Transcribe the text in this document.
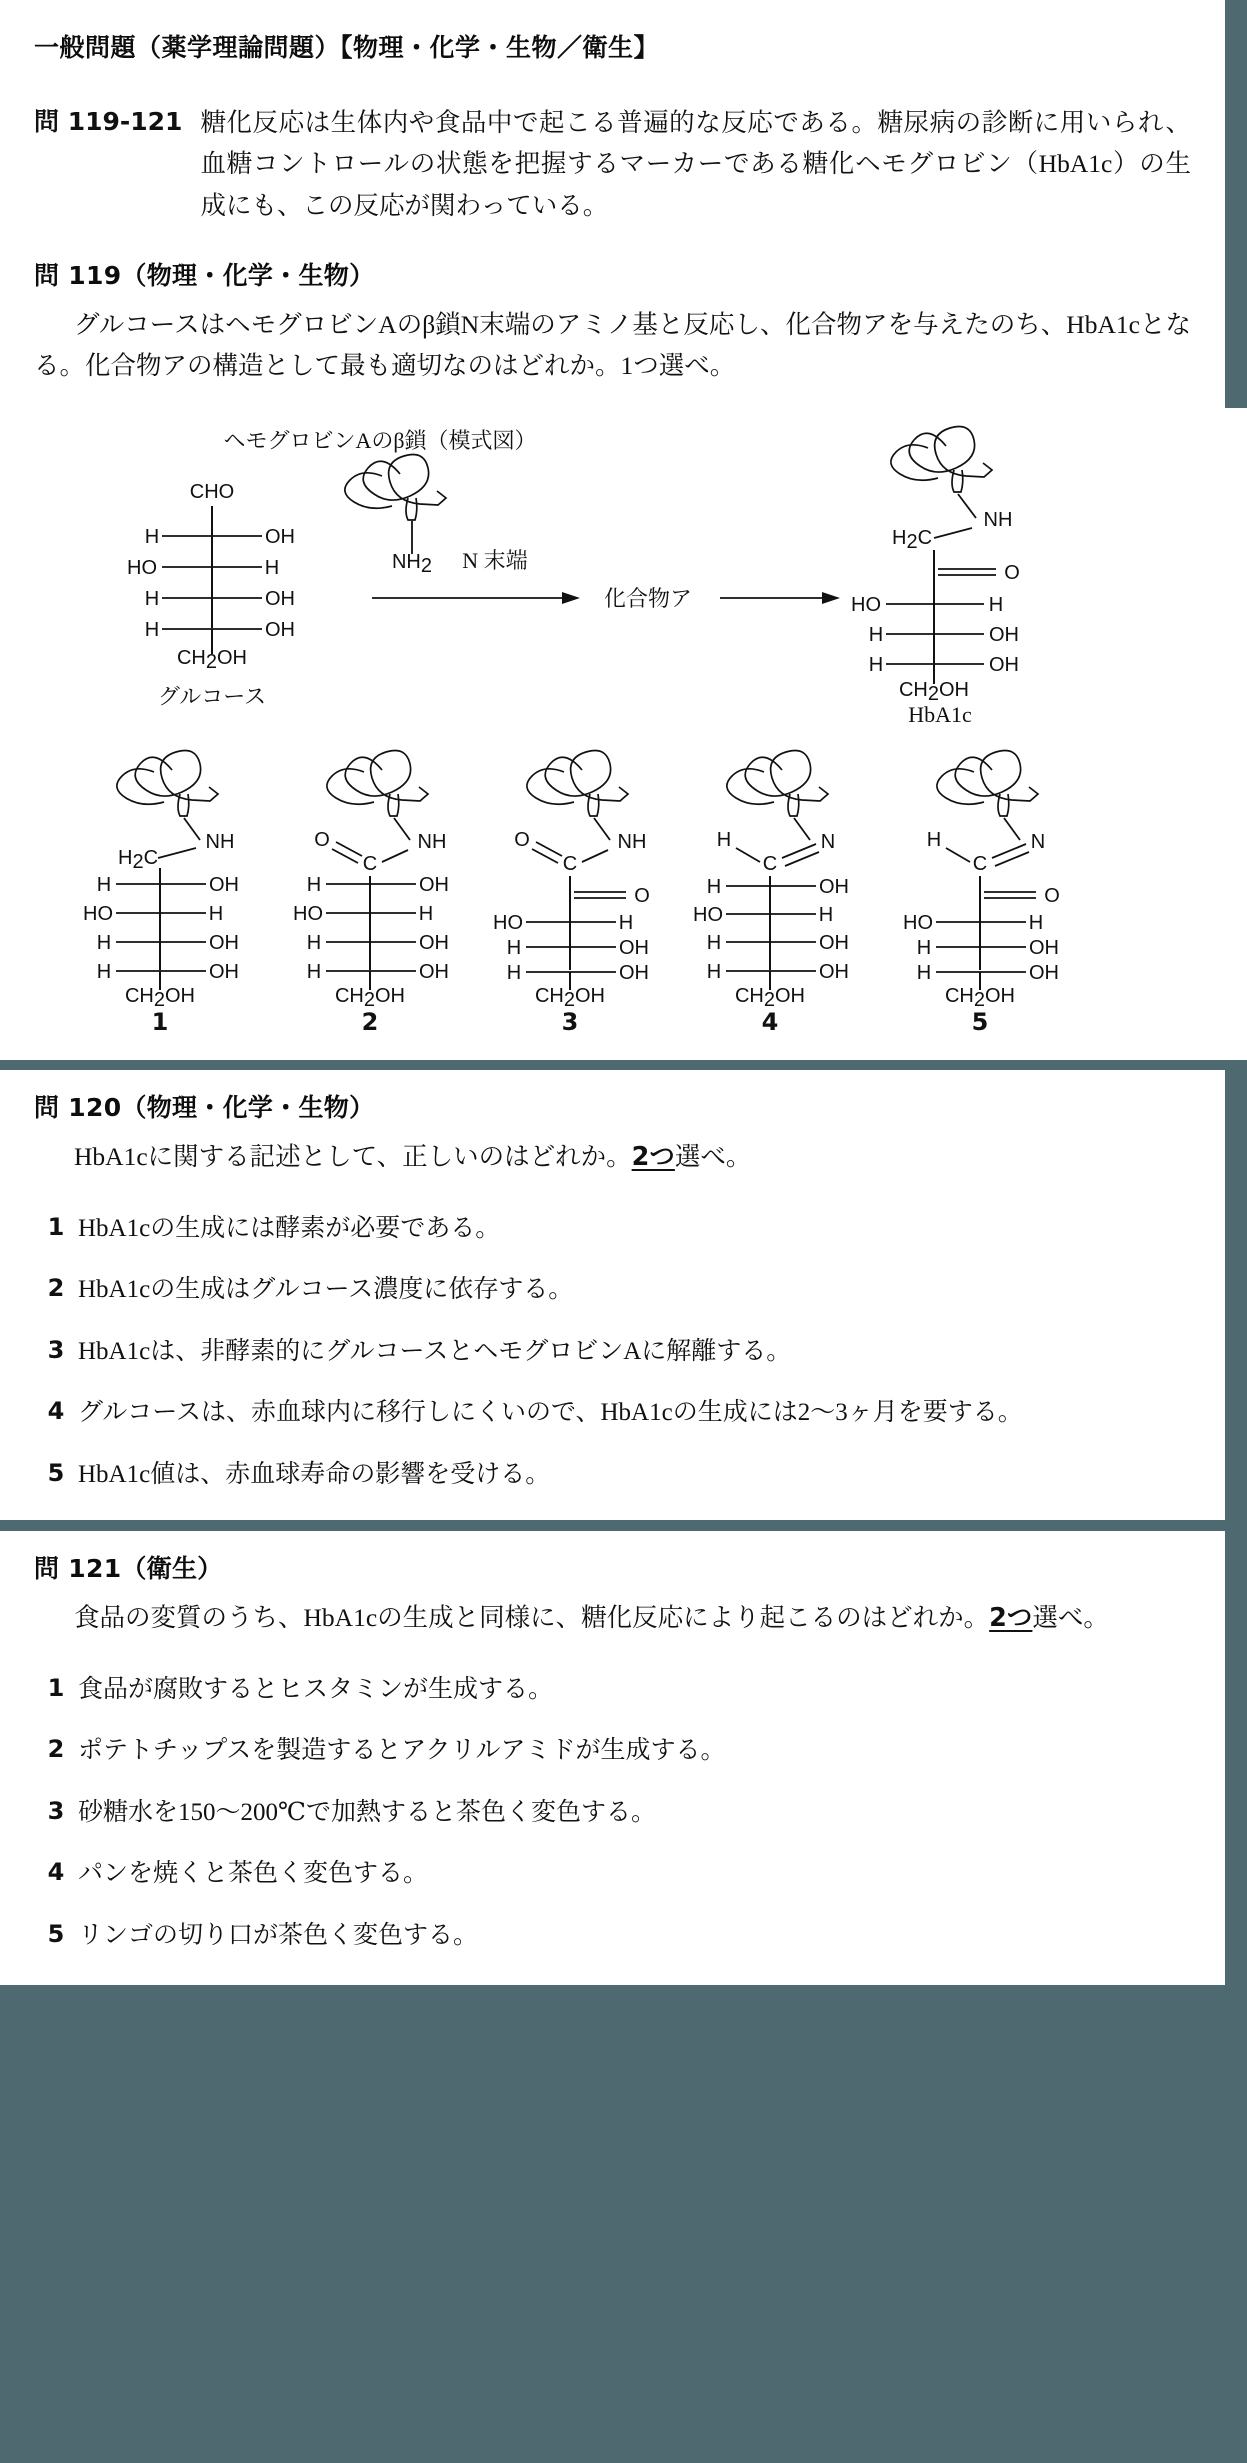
一般問題（薬学理論問題）【物理・化学・生物／衛生】
問 119-121 糖化反応は生体内や食品中で起こる普遍的な反応である。糖尿病の診断に用いられ、血糖コントロールの状態を把握するマーカーである糖化ヘモグロビン（HbA1c）の生成にも、この反応が関わっている。
問 119（物理・化学・生物）
グルコースはヘモグロビンAのβ鎖N末端のアミノ基と反応し、化合物アを与えたのち、HbA1cとなる。化合物アの構造として最も適切なのはどれか。1つ選べ。
ヘモグロビンAのβ鎖（模式図）
CHO
H	OH
HO	H
H	OH
H	OH
CH2OH
グルコース
NH2 N 末端
化合物ア
NH
H2C
O
HO	H
H	OH
H	OH
CH2OH
HbA1c
NH
H2C
H	OH
HO	H
H	OH
H	OH
CH2OH
1
NH
O
C
H	OH
HO	H
H	OH
H	OH
CH2OH
2
NH
O
C
O
HO	H
H	OH
H	OH
CH2OH
3
N
H
C
H	OH
HO	H
H	OH
H	OH
CH2OH
4
N
H
C
O
HO	H
H	OH
H	OH
CH2OH
5
問 120（物理・化学・生物）
HbA1cに関する記述として、正しいのはどれか。2つ選べ。
1 HbA1cの生成には酵素が必要である。
2 HbA1cの生成はグルコース濃度に依存する。
3 HbA1cは、非酵素的にグルコースとヘモグロビンAに解離する。
4 グルコースは、赤血球内に移行しにくいので、HbA1cの生成には2〜3ヶ月を要する。
5 HbA1c値は、赤血球寿命の影響を受ける。
問 121（衛生）
食品の変質のうち、HbA1cの生成と同様に、糖化反応により起こるのはどれか。2つ選べ。
1 食品が腐敗するとヒスタミンが生成する。
2 ポテトチップスを製造するとアクリルアミドが生成する。
3 砂糖水を150〜200℃で加熱すると茶色く変色する。
4 パンを焼くと茶色く変色する。
5 リンゴの切り口が茶色く変色する。
